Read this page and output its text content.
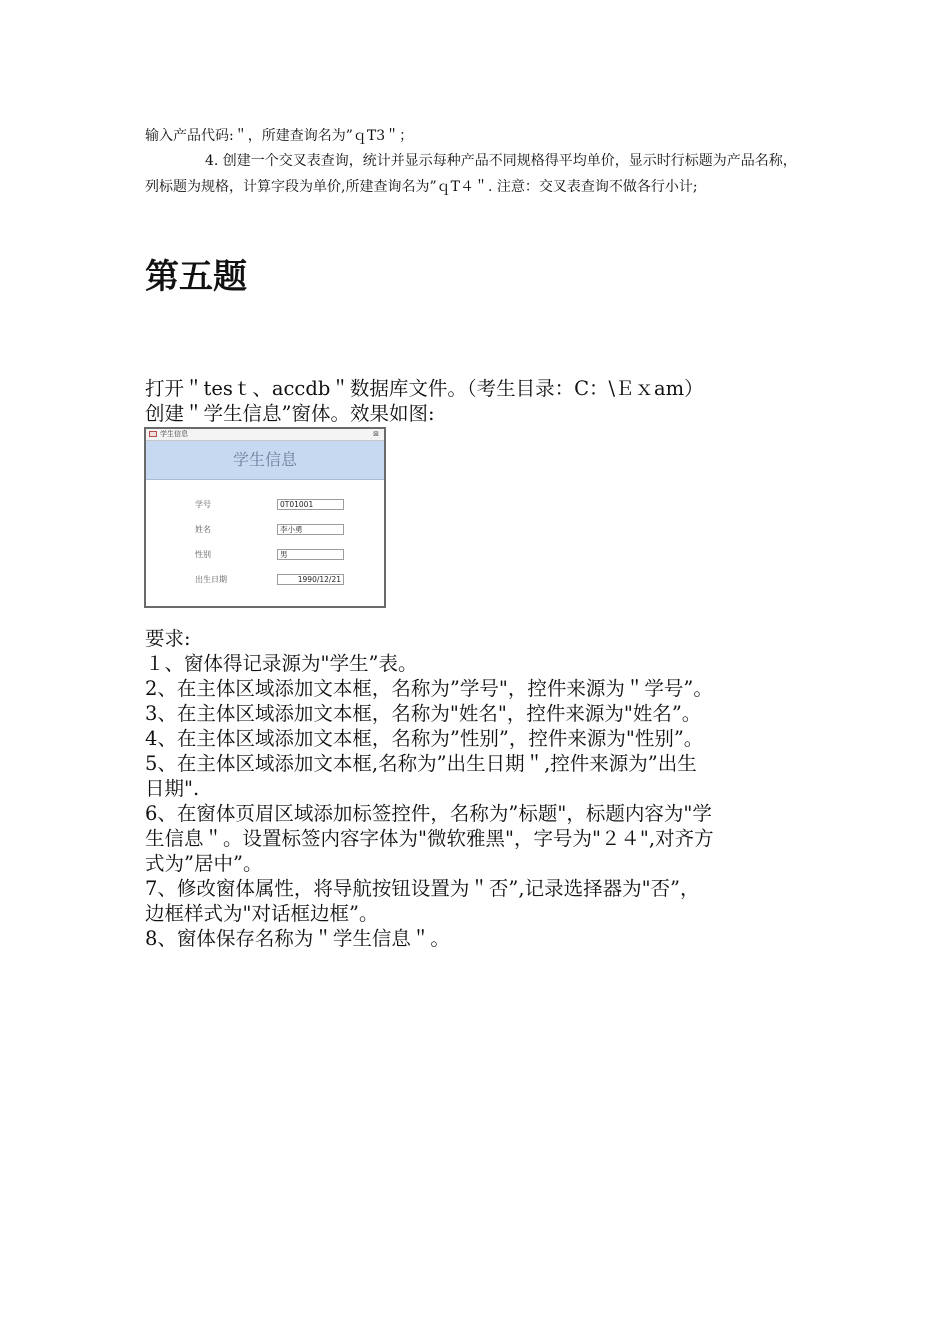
输入产品代码:＂，所建查询名为”ｑT3＂；
4. 创建一个交叉表查询，统计并显示每种产品不同规格得平均单价，显示时行标题为产品名称，列标题为规格，计算字段为单价,所建查询名为”ｑT４＂. 注意：交叉表查询不做各行小计;
第五题
打开＂tesｔ、accdb＂数据库文件。（考生目录：C：\Ｅｘam）
创建＂学生信息”窗体。效果如图:
学生信息	⊠
学生信息
学号	0T01001
姓名	李小勇
性别	男
出生日期	1990/12/21
要求:
１、窗体得记录源为"学生”表。
2、在主体区域添加文本框，名称为”学号"，控件来源为＂学号”。
3、在主体区域添加文本框，名称为"姓名"，控件来源为"姓名”。
4、在主体区域添加文本框，名称为”性别”，控件来源为"性别”。
5、在主体区域添加文本框,名称为”出生日期＂,控件来源为”出生
日期".
6、在窗体页眉区域添加标签控件，名称为”标题"，标题内容为"学
生信息＂。设置标签内容字体为"微软雅黑"，字号为"２４",对齐方
式为”居中”。
7、修改窗体属性，将导航按钮设置为＂否”,记录选择器为"否”，
边框样式为"对话框边框”。
8、窗体保存名称为＂学生信息＂。
